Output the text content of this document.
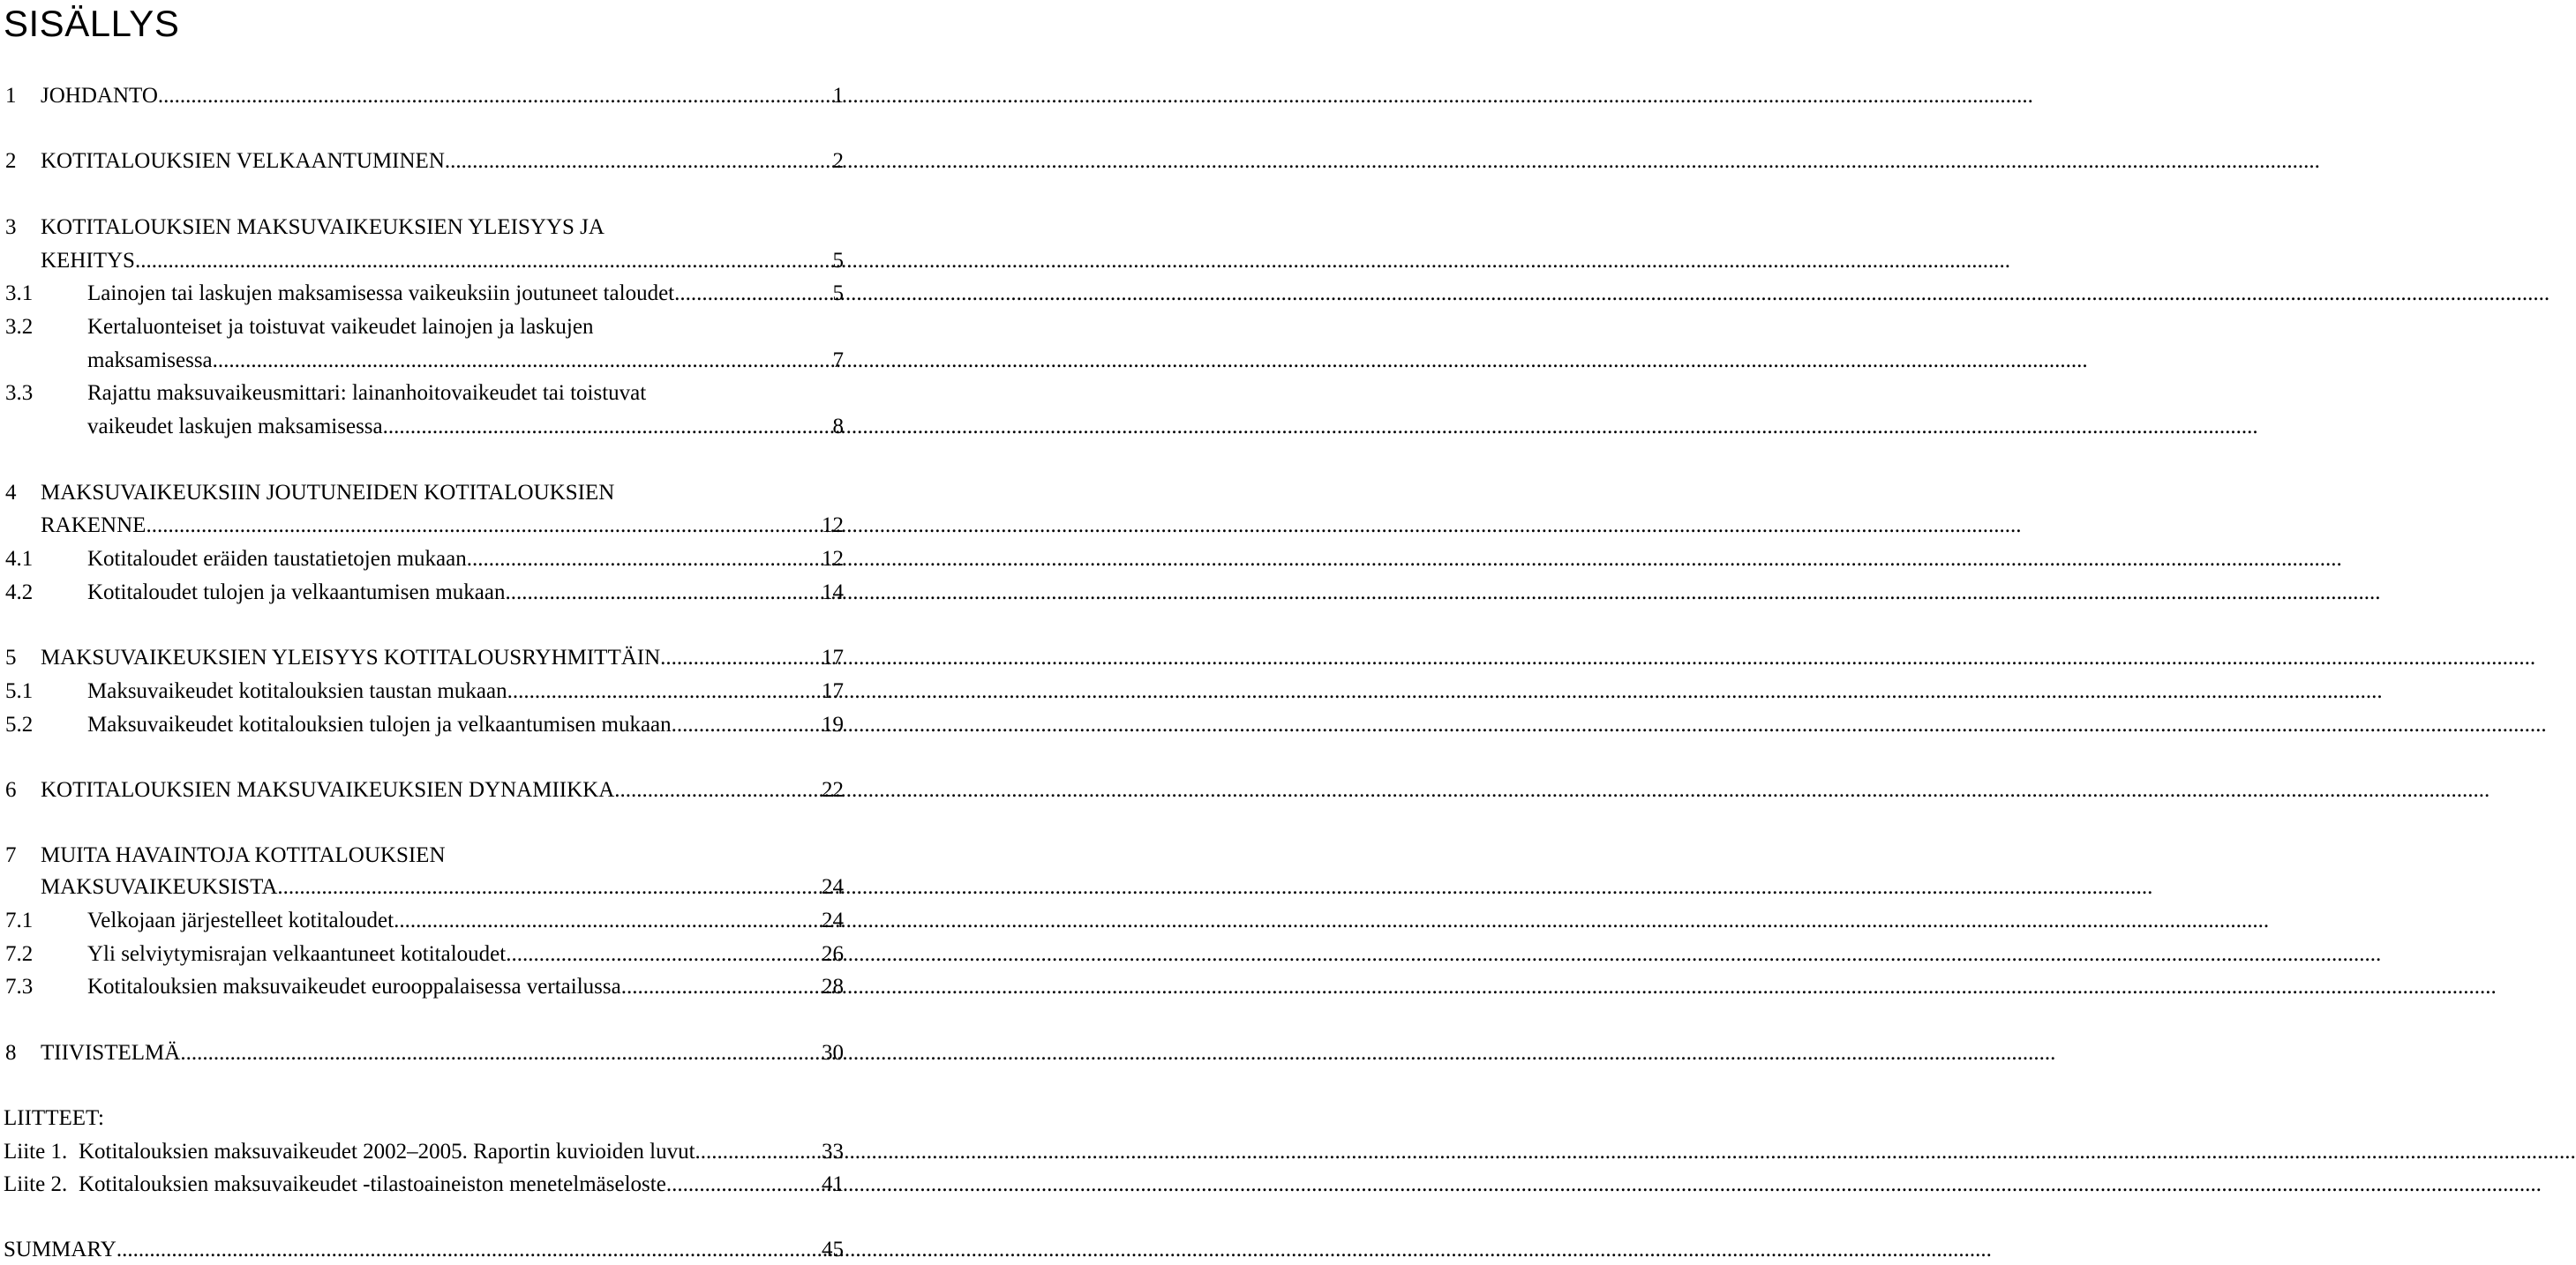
SISÄLLYS
1 JOHDANTO .....	1
2 KOTITALOUKSIEN VELKAANTUMINEN .....	2
3 KOTITALOUKSIEN MAKSUVAIKEUKSIEN YLEISYYS JA
KEHITYS .....	5
3.1 Lainojen tai laskujen maksamisessa vaikeuksiin joutuneet taloudet .....	5
3.2 Kertaluonteiset ja toistuvat vaikeudet lainojen ja laskujen
maksamisessa .....	7
3.3 Rajattu maksuvaikeusmittari: lainanhoitovaikeudet tai toistuvat
vaikeudet laskujen maksamisessa .....	8
4 MAKSUVAIKEUKSIIN JOUTUNEIDEN KOTITALOUKSIEN
RAKENNE .....	12
4.1 Kotitaloudet eräiden taustatietojen mukaan .....	12
4.2 Kotitaloudet tulojen ja velkaantumisen mukaan .....	14
5 MAKSUVAIKEUKSIEN YLEISYYS KOTITALOUSRYHMITTÄIN .....	17
5.1 Maksuvaikeudet kotitalouksien taustan mukaan .....	17
5.2 Maksuvaikeudet kotitalouksien tulojen ja velkaantumisen mukaan .....	19
6 KOTITALOUKSIEN MAKSUVAIKEUKSIEN DYNAMIIKKA .....	22
7 MUITA HAVAINTOJA KOTITALOUKSIEN
MAKSUVAIKEUKSISTA .....	24
7.1 Velkojaan järjestelleet kotitaloudet .....	24
7.2 Yli selviytymisrajan velkaantuneet kotitaloudet .....	26
7.3 Kotitalouksien maksuvaikeudet eurooppalaisessa vertailussa .....	28
8 TIIVISTELMÄ .....	30
LIITTEET:
Liite 1. Kotitalouksien maksuvaikeudet 2002–2005. Raportin kuvioiden luvut. .....	33
Liite 2. Kotitalouksien maksuvaikeudet -tilastoaineiston menetelmäseloste .....	41
SUMMARY .....	45
